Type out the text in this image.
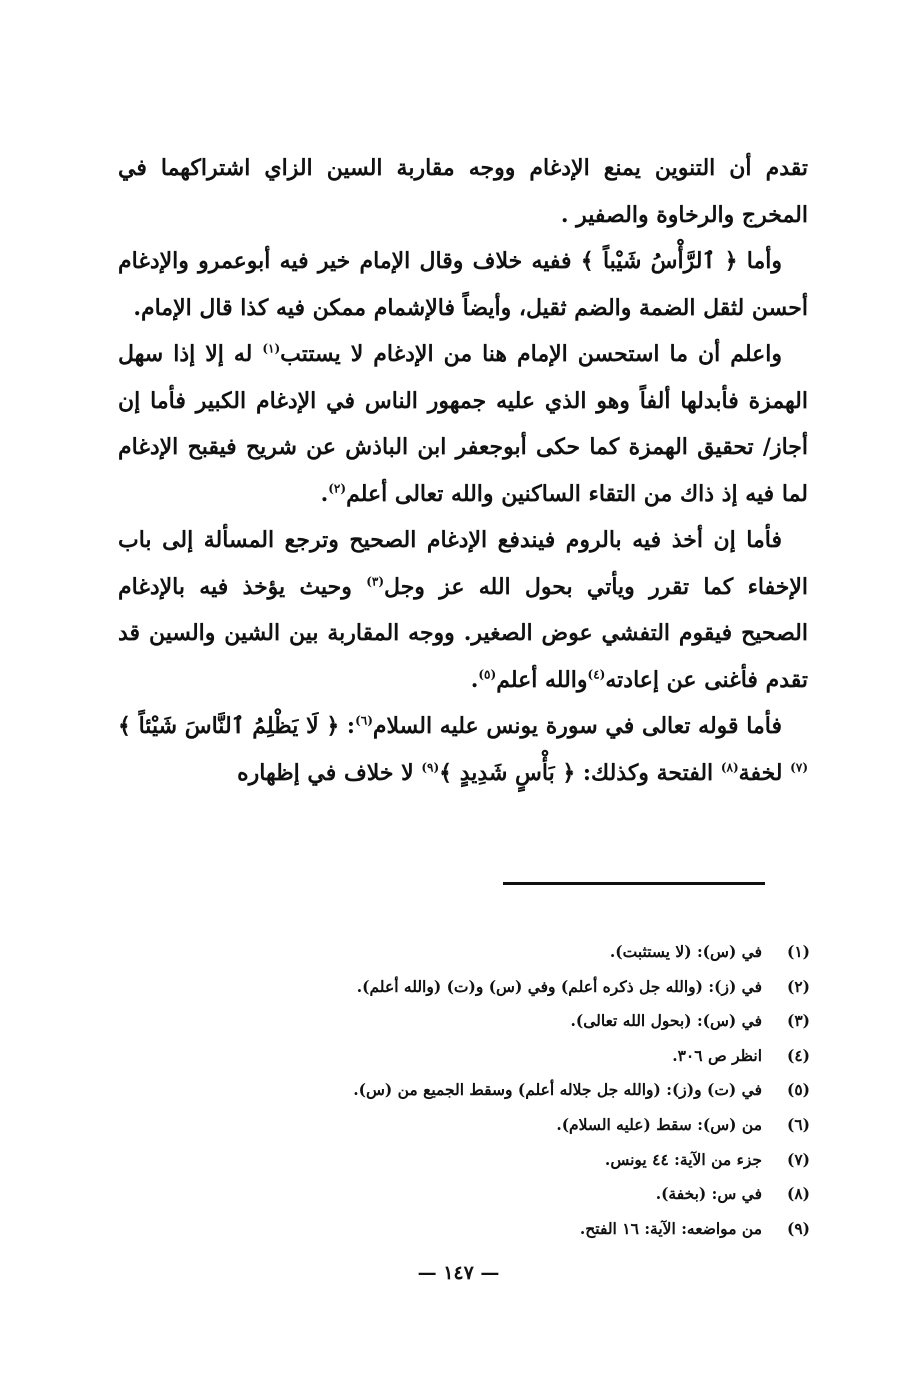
تقدم أن التنوين يمنع الإدغام ووجه مقاربة السين الزاي اشتراكهما في المخرج والرخاوة والصفير .

وأما ﴿ ٱلرَّأْسُ شَيْباً ﴾ ففيه خلاف وقال الإمام خير فيه أبوعمرو والإدغام أحسن لثقل الضمة والضم ثقيل، وأيضاً فالإشمام ممكن فيه كذا قال الإمام.

واعلم أن ما استحسن الإمام هنا من الإدغام لا يستتب$^{(١)}$ له إلا إذا سهل الهمزة فأبدلها ألفاً وهو الذي عليه جمهور الناس في الإدغام الكبير فأما إن أجاز/ تحقيق الهمزة كما حكى أبوجعفر ابن الباذش عن شريح فيقبح الإدغام لما فيه إذ ذاك من التقاء الساكنين والله تعالى أعلم$^{(٢)}$.

فأما إن أخذ فيه بالروم فيندفع الإدغام الصحيح وترجع المسألة إلى باب الإخفاء كما تقرر ويأتي بحول الله عز وجل$^{(٣)}$ وحيث يؤخذ فيه بالإدغام الصحيح فيقوم التفشي عوض الصغير. ووجه المقاربة بين الشين والسين قد تقدم فأغنى عن إعادته$^{(٤)}$والله أعلم$^{(٥)}$.

فأما قوله تعالى في سورة يونس عليه السلام$^{(٦)}$: ﴿ لَا يَظْلِمُ ٱلنَّاسَ شَيْئاً ﴾$^{(٧)}$ لخفة$^{(٨)}$ الفتحة وكذلك: ﴿ بَأْسٍ شَدِيدٍ ﴾$^{(٩)}$ لا خلاف في إظهاره

(١)
في (س): (لا يستثبت).
(٢)
في (ز): (والله جل ذكره أعلم) وفي (س) و(ت) (والله أعلم).
(٣)
في (س): (بحول الله تعالى).
(٤)
انظر ص ٣٠٦.
(٥)
في (ت) و(ز): (والله جل جلاله أعلم) وسقط الجميع من (س).
(٦)
من (س): سقط (عليه السلام).
(٧)
جزء من الآية: ٤٤ يونس.
(٨)
في س: (بخفة).
(٩)
من مواضعه: الآية: ١٦ الفتح.
— ١٤٧ —
